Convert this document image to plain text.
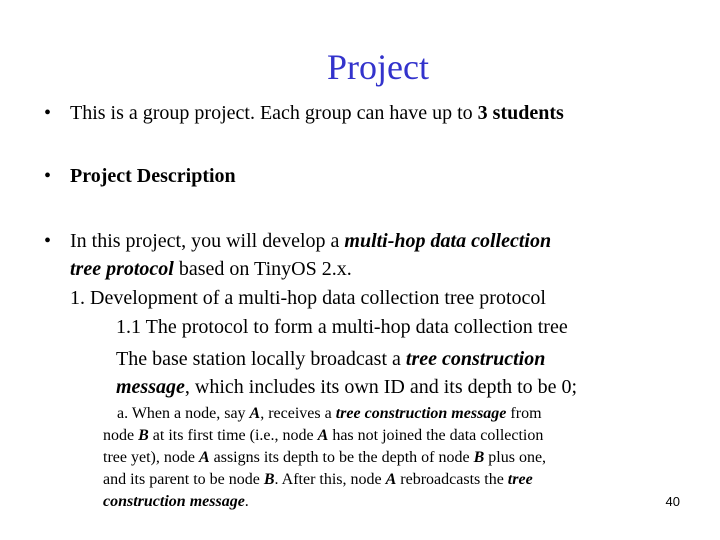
Project
• This is a group project. Each group can have up to 3 students
• Project Description
• In this project, you will develop a multi-hop data collection
tree protocol based on TinyOS 2.x.
1. Development of a multi-hop data collection tree protocol
1.1 The protocol to form a multi-hop data collection tree
The base station locally broadcast a tree construction
message, which includes its own ID and its depth to be 0;
a. When a node, say A, receives a tree construction message from
node B at its first time (i.e., node A has not joined the data collection
tree yet), node A assigns its depth to be the depth of node B plus one,
and its parent to be node B. After this, node A rebroadcasts the tree
construction message.	40
